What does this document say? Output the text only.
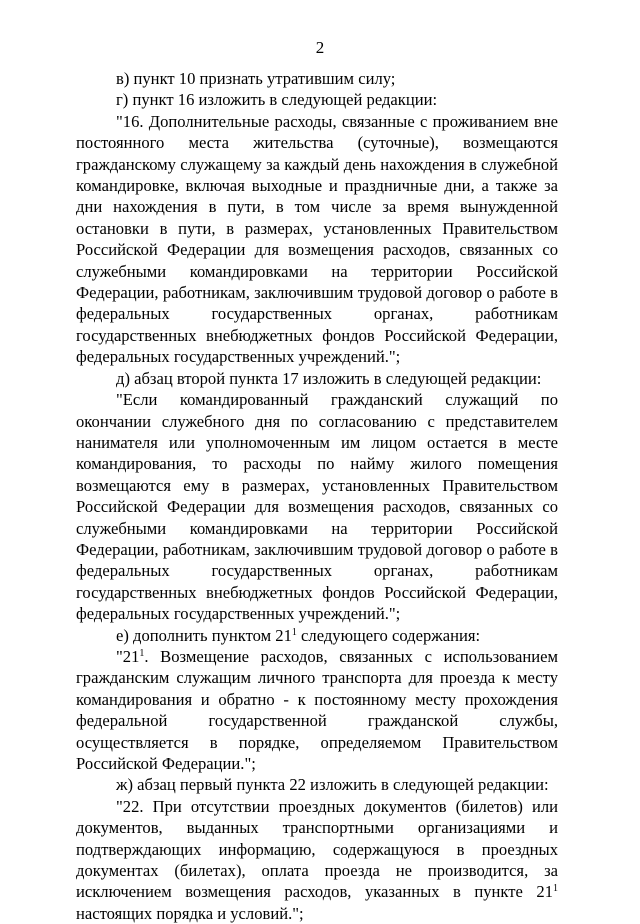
2

в) пункт 10 признать утратившим силу;

г) пункт 16 изложить в следующей редакции:

"16. Дополнительные расходы, связанные с проживанием вне постоянного места жительства (суточные), возмещаются гражданскому служащему за каждый день нахождения в служебной командировке, включая выходные и праздничные дни, а также за дни нахождения в пути, в том числе за время вынужденной остановки в пути, в размерах, установленных Правительством Российской Федерации для возмещения расходов, связанных со служебными командировками на территории Российской Федерации, работникам, заключившим трудовой договор о работе в федеральных государственных органах, работникам государственных внебюджетных фондов Российской Федерации, федеральных государственных учреждений.";

д) абзац второй пункта 17 изложить в следующей редакции:

"Если командированный гражданский служащий по окончании служебного дня по согласованию с представителем нанимателя или уполномоченным им лицом остается в месте командирования, то расходы по найму жилого помещения возмещаются ему в размерах, установленных Правительством Российской Федерации для возмещения расходов, связанных со служебными командировками на территории Российской Федерации, работникам, заключившим трудовой договор о работе в федеральных государственных органах, работникам государственных внебюджетных фондов Российской Федерации, федеральных государственных учреждений.";

е) дополнить пунктом $21^1$ следующего содержания:

"$21^1$. Возмещение расходов, связанных с использованием гражданским служащим личного транспорта для проезда к месту командирования и обратно - к постоянному месту прохождения федеральной государственной гражданской службы, осуществляется в порядке, определяемом Правительством Российской Федерации.";

ж) абзац первый пункта 22 изложить в следующей редакции:

"22. При отсутствии проездных документов (билетов) или документов, выданных транспортными организациями и подтверждающих информацию, содержащуюся в проездных документах (билетах), оплата проезда не производится, за исключением возмещения расходов, указанных в пункте $21^1$ настоящих порядка и условий.";
